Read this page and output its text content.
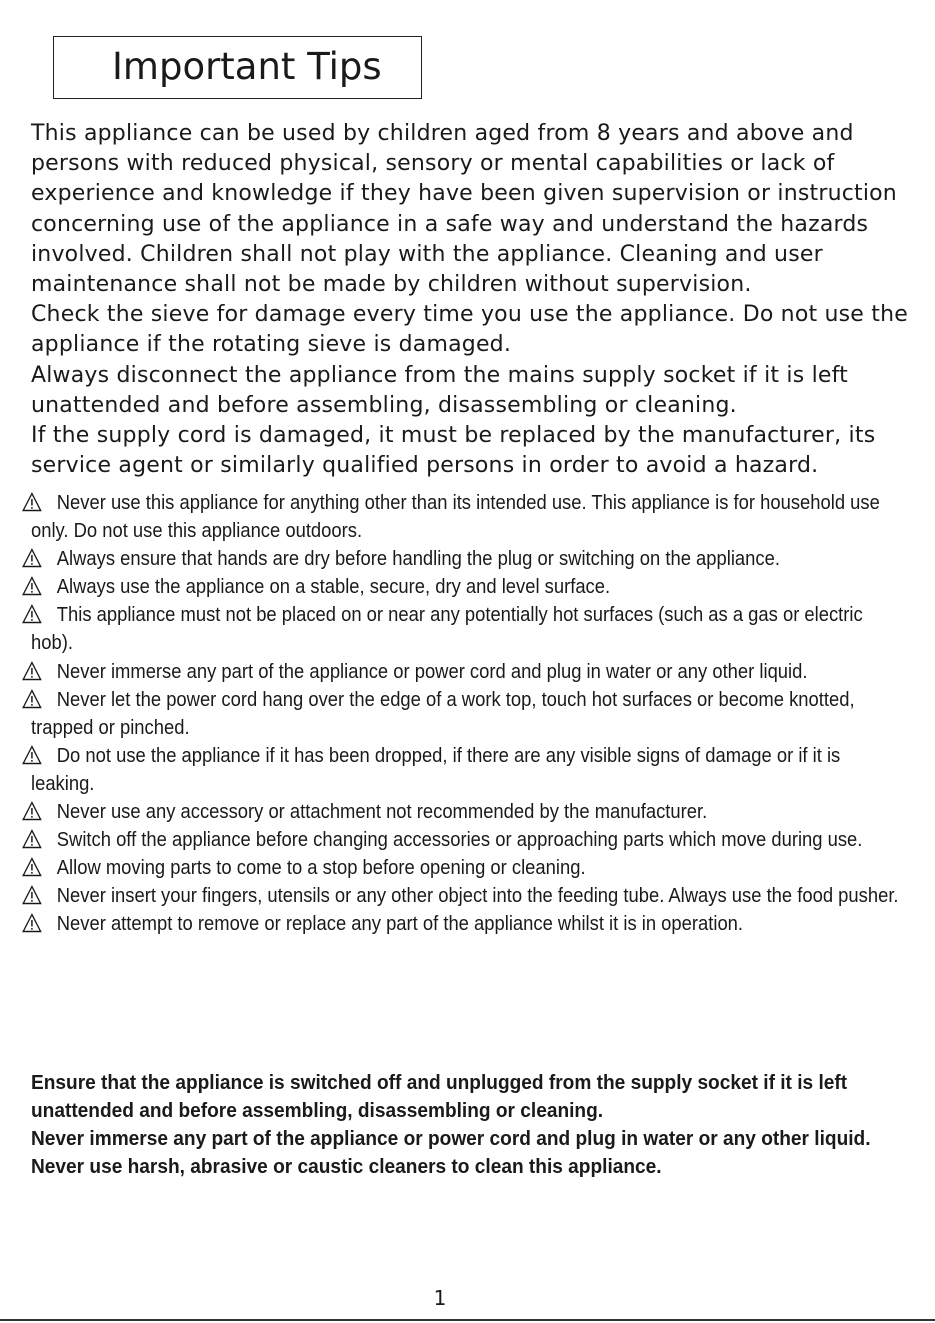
Important Tips

This appliance can be used by children aged from 8 years and above and persons with reduced physical, sensory or mental capabilities or lack of experience and knowledge if they have been given supervision or instruction concerning use of the appliance in a safe way and understand the hazards involved. Children shall not play with the appliance. Cleaning and user maintenance shall not be made by children without supervision.

Check the sieve for damage every time you use the appliance. Do not use the appliance if the rotating sieve is damaged.

Always disconnect the appliance from the mains supply socket if it is left unattended and before assembling, disassembling or cleaning.

If the supply cord is damaged, it must be replaced by the manufacturer, its service agent or similarly qualified persons in order to avoid a hazard.

Never use this appliance for anything other than its intended use. This appliance is for household use only. Do not use this appliance outdoors.
Always ensure that hands are dry before handling the plug or switching on the appliance.
Always use the appliance on a stable, secure, dry and level surface.
This appliance must not be placed on or near any potentially hot surfaces (such as a gas or electric hob).
Never immerse any part of the appliance or power cord and plug in water or any other liquid.
Never let the power cord hang over the edge of a work top, touch hot surfaces or become knotted, trapped or pinched.
Do not use the appliance if it has been dropped, if there are any visible signs of damage or if it is leaking.
Never use any accessory or attachment not recommended by the manufacturer.
Switch off the appliance before changing accessories or approaching parts which move during use.
Allow moving parts to come to a stop before opening or cleaning.
Never insert your fingers, utensils or any other object into the feeding tube. Always use the food pusher.
Never attempt to remove or replace any part of the appliance whilst it is in operation.

Ensure that the appliance is switched off and unplugged from the supply socket if it is left unattended and before assembling, disassembling or cleaning.

Never immerse any part of the appliance or power cord and plug in water or any other liquid.

Never use harsh, abrasive or caustic cleaners to clean this appliance.

1
